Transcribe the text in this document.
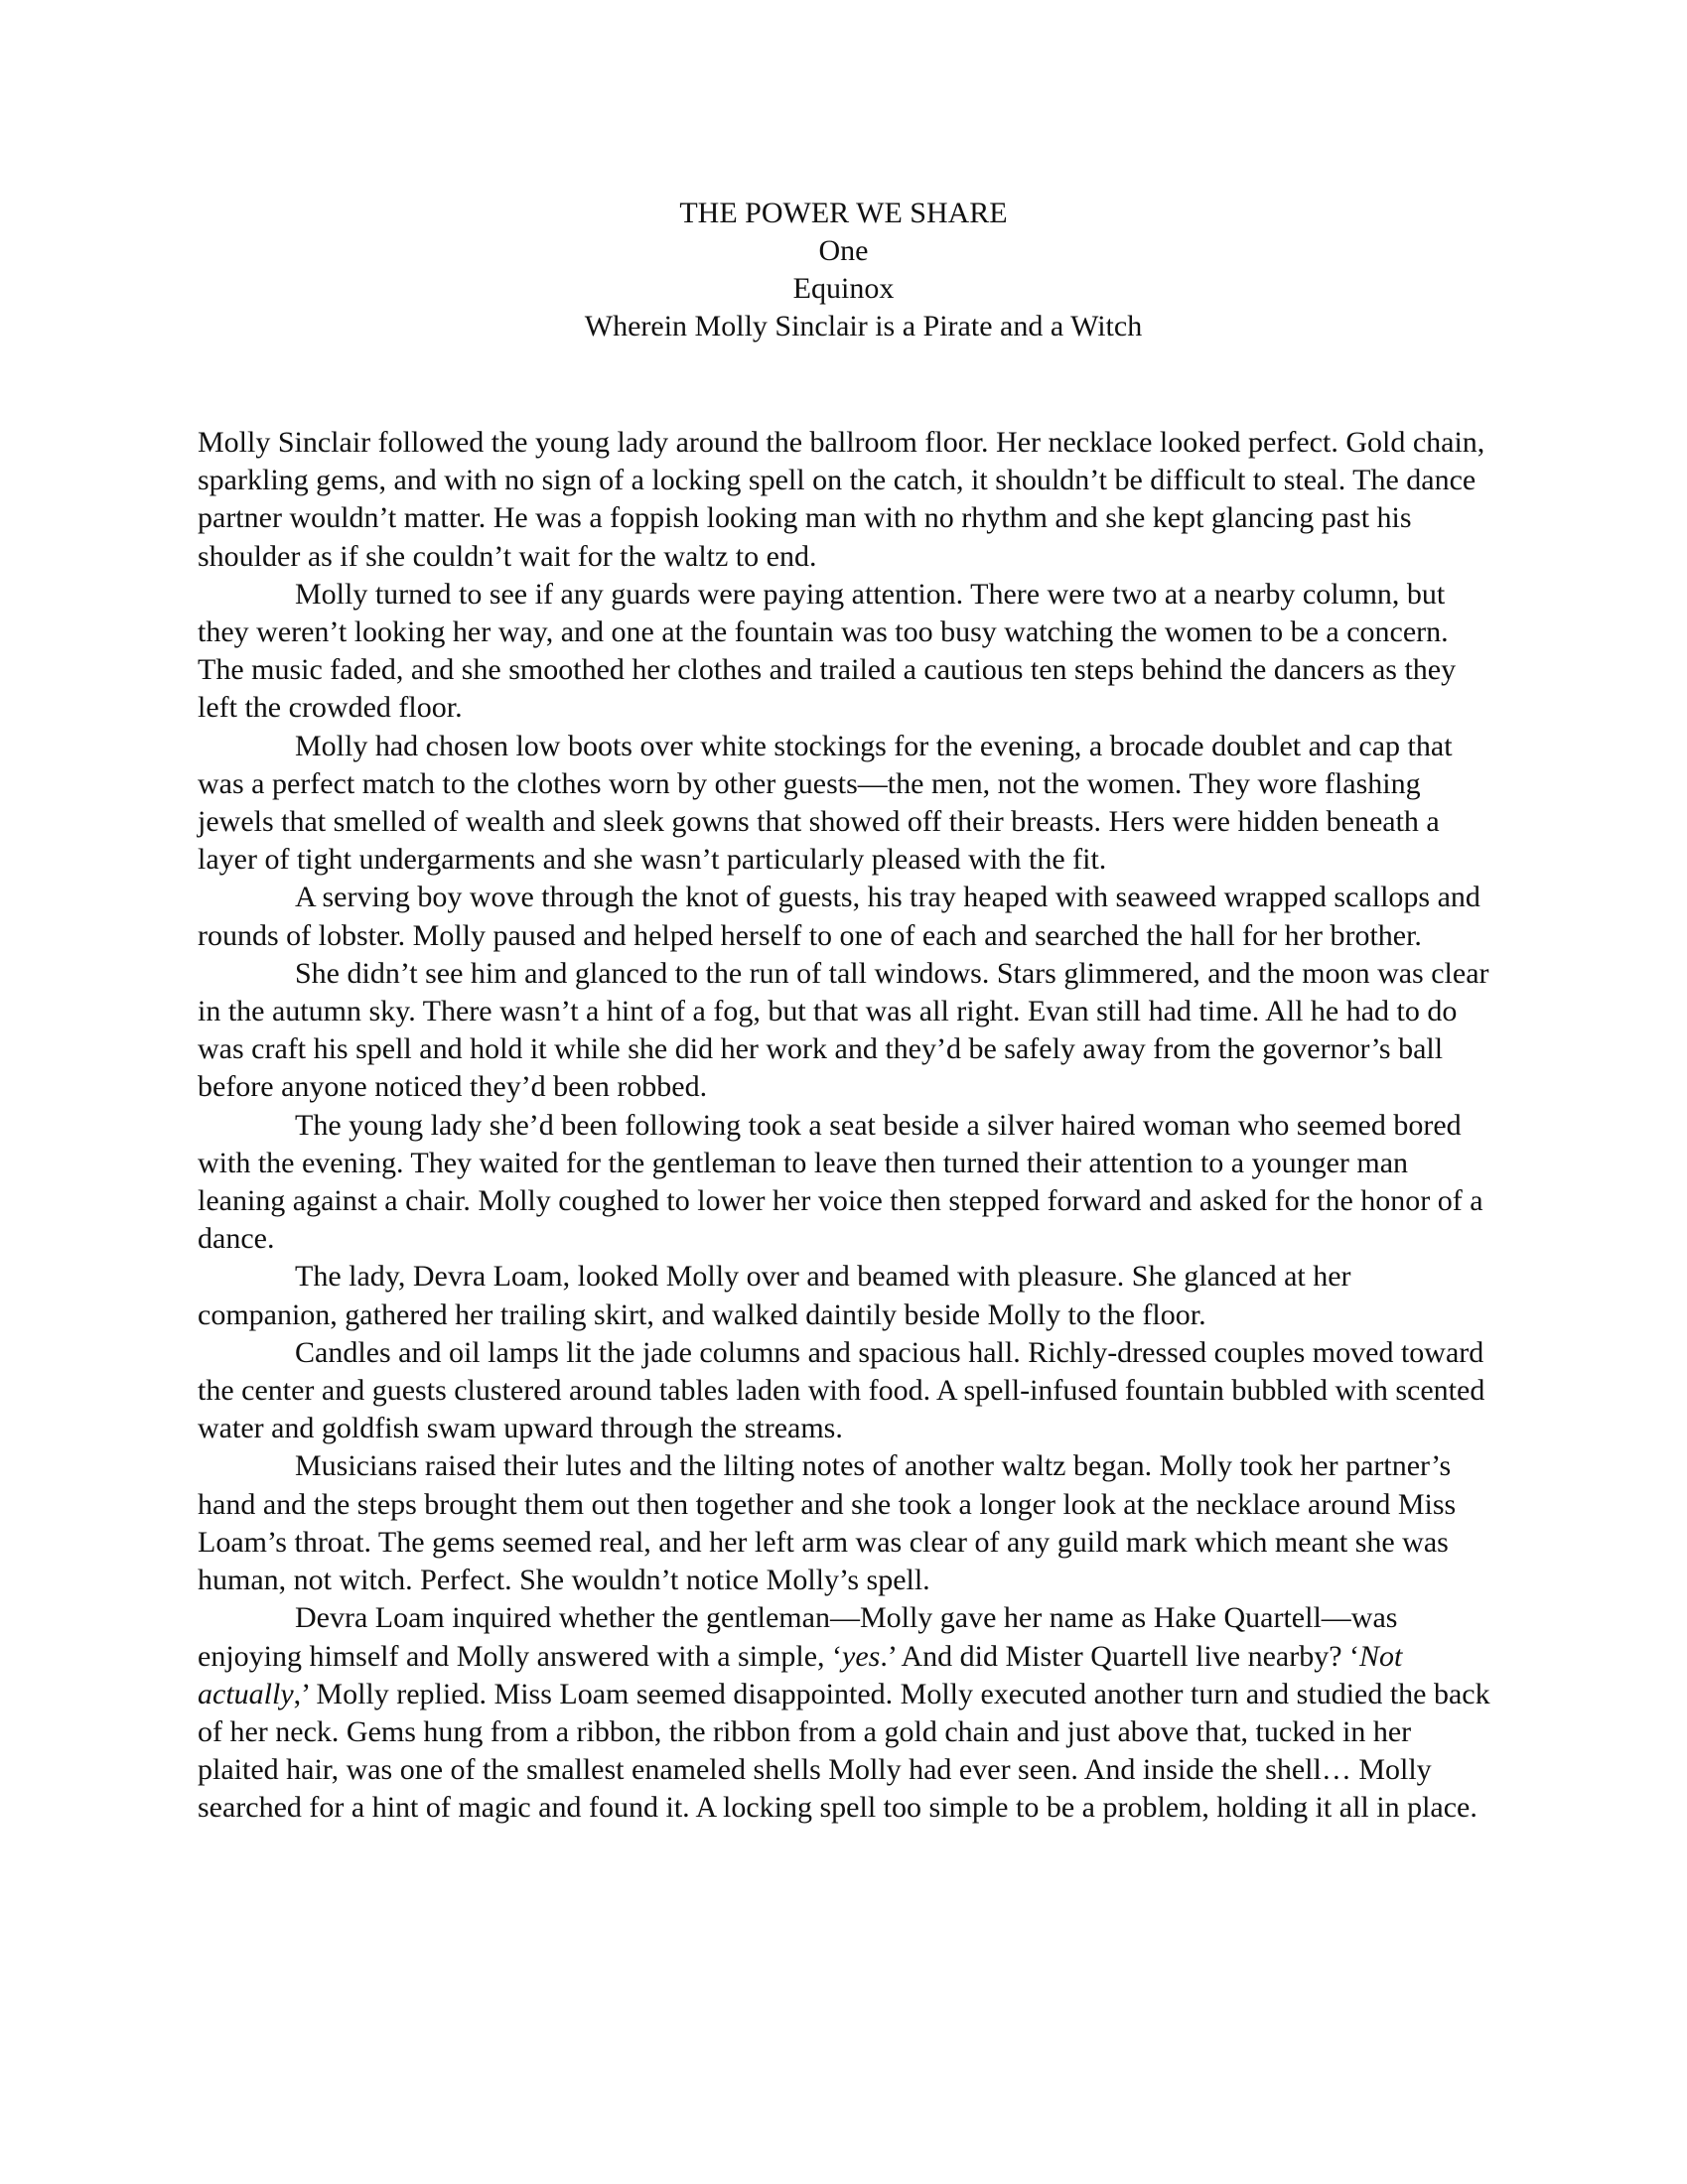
THE POWER WE SHARE
One
Equinox
Wherein Molly Sinclair is a Pirate and a Witch

Molly Sinclair followed the young lady around the ballroom floor. Her necklace looked perfect. Gold chain, sparkling gems, and with no sign of a locking spell on the catch, it shouldn’t be difficult to steal. The dance partner wouldn’t matter. He was a foppish looking man with no rhythm and she kept glancing past his shoulder as if she couldn’t wait for the waltz to end.

Molly turned to see if any guards were paying attention. There were two at a nearby column, but they weren’t looking her way, and one at the fountain was too busy watching the women to be a concern. The music faded, and she smoothed her clothes and trailed a cautious ten steps behind the dancers as they left the crowded floor.

Molly had chosen low boots over white stockings for the evening, a brocade doublet and cap that was a perfect match to the clothes worn by other guests—the men, not the women. They wore flashing jewels that smelled of wealth and sleek gowns that showed off their breasts. Hers were hidden beneath a layer of tight undergarments and she wasn’t particularly pleased with the fit.

A serving boy wove through the knot of guests, his tray heaped with seaweed wrapped scallops and rounds of lobster. Molly paused and helped herself to one of each and searched the hall for her brother.

She didn’t see him and glanced to the run of tall windows. Stars glimmered, and the moon was clear in the autumn sky. There wasn’t a hint of a fog, but that was all right. Evan still had time. All he had to do was craft his spell and hold it while she did her work and they’d be safely away from the governor’s ball before anyone noticed they’d been robbed.

The young lady she’d been following took a seat beside a silver haired woman who seemed bored with the evening. They waited for the gentleman to leave then turned their attention to a younger man leaning against a chair. Molly coughed to lower her voice then stepped forward and asked for the honor of a dance.

The lady, Devra Loam, looked Molly over and beamed with pleasure. She glanced at her companion, gathered her trailing skirt, and walked daintily beside Molly to the floor.

Candles and oil lamps lit the jade columns and spacious hall. Richly-dressed couples moved toward the center and guests clustered around tables laden with food. A spell-infused fountain bubbled with scented water and goldfish swam upward through the streams.

Musicians raised their lutes and the lilting notes of another waltz began. Molly took her partner’s hand and the steps brought them out then together and she took a longer look at the necklace around Miss Loam’s throat. The gems seemed real, and her left arm was clear of any guild mark which meant she was human, not witch. Perfect. She wouldn’t notice Molly’s spell.

Devra Loam inquired whether the gentleman—Molly gave her name as Hake Quartell—was enjoying himself and Molly answered with a simple, ‘yes.’ And did Mister Quartell live nearby? ‘Not actually,’ Molly replied. Miss Loam seemed disappointed. Molly executed another turn and studied the back of her neck. Gems hung from a ribbon, the ribbon from a gold chain and just above that, tucked in her plaited hair, was one of the smallest enameled shells Molly had ever seen. And inside the shell… Molly searched for a hint of magic and found it. A locking spell too simple to be a problem, holding it all in place.
